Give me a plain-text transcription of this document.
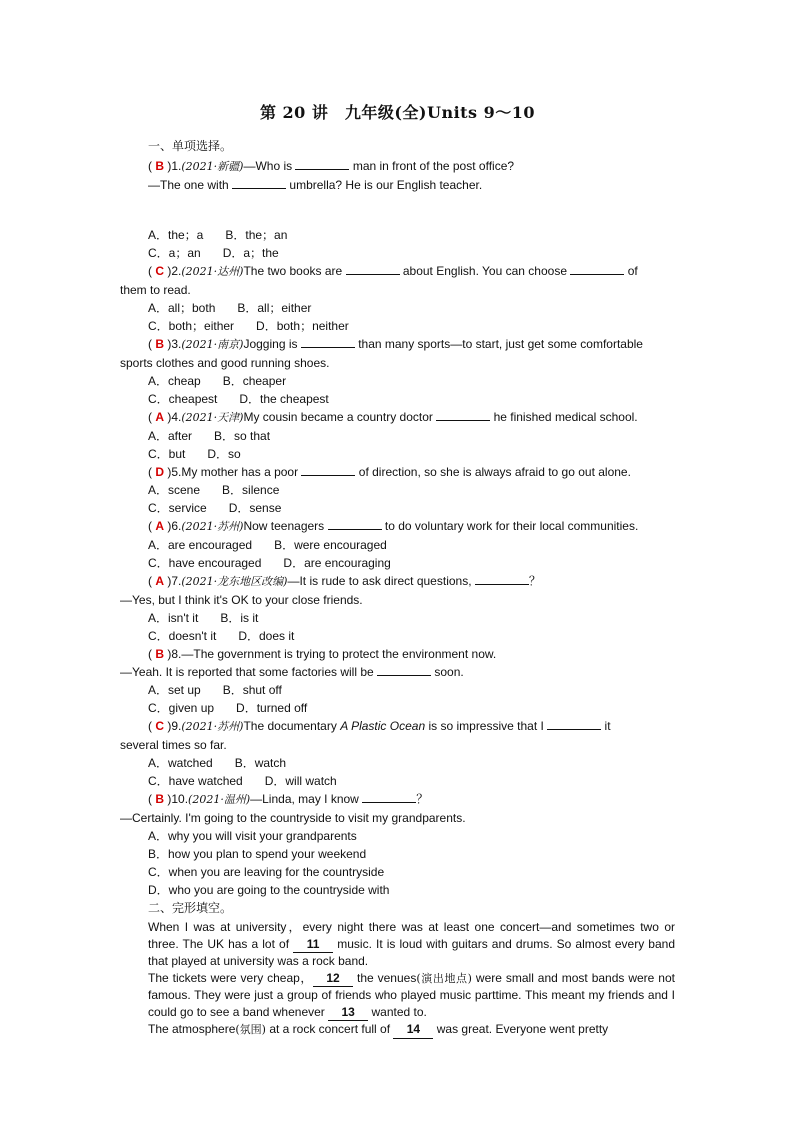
第 20 讲　九年级(全)Units 9～10
一、单项选择。
( B )1.(2021·新疆)—Who is	man in front of the post office?
—The one with	umbrella? He is our English teacher.
A．the；a B．the；an
C．a；an D．a；the
( C )2.(2021·达州)The two books are	about English. You can choose	of
them to read.
A．all；both B．all；either
C．both；either D．both；neither
( B )3.(2021·南京)Jogging is	than many sports—to start, just get some comfortable
sports clothes and good running shoes.
A．cheap B．cheaper
C．cheapest D．the cheapest
( A )4.(2021·天津)My cousin became a country doctor	he finished medical school.
A．after B．so that
C．but D．so
( D )5.My mother has a poor	of direction, so she is always afraid to go out alone.
A．scene B．silence
C．service D．sense
( A )6.(2021·苏州)Now teenagers	to do voluntary work for their local communities.
A．are encouraged B．were encouraged
C．have encouraged D．are encouraging
( A )7.(2021·龙东地区改编)—It is rude to ask direct questions,	？
—Yes, but I think it's OK to your close friends.
A．isn't it B．is it
C．doesn't it D．does it
( B )8.—The government is trying to protect the environment now.
—Yeah. It is reported that some factories will be	soon.
A．set up B．shut off
C．given up D．turned off
( C )9.(2021·苏州)The documentary A Plastic Ocean is so impressive that I	it
several times so far.
A．watched B．watch
C．have watched D．will watch
( B )10.(2021·温州)—Linda, may I know	？
—Certainly. I'm going to the countryside to visit my grandparents.
A．why you will visit your grandparents
B．how you plan to spend your weekend
C．when you are leaving for the countryside
D．who you are going to the countryside with
二、完形填空。
When I was at university，every night there was at least one concert—and sometimes two or three. The UK has a lot of 11 music. It is loud with guitars and drums. So almost every band that played at university was a rock band.
The tickets were very cheap， 12 the venues(演出地点) were small and most bands were not famous. They were just a group of friends who played music parttime. This meant my friends and I could go to see a band whenever 13 wanted to.
The atmosphere(氛围) at a rock concert full of 14 was great. Everyone went pretty
